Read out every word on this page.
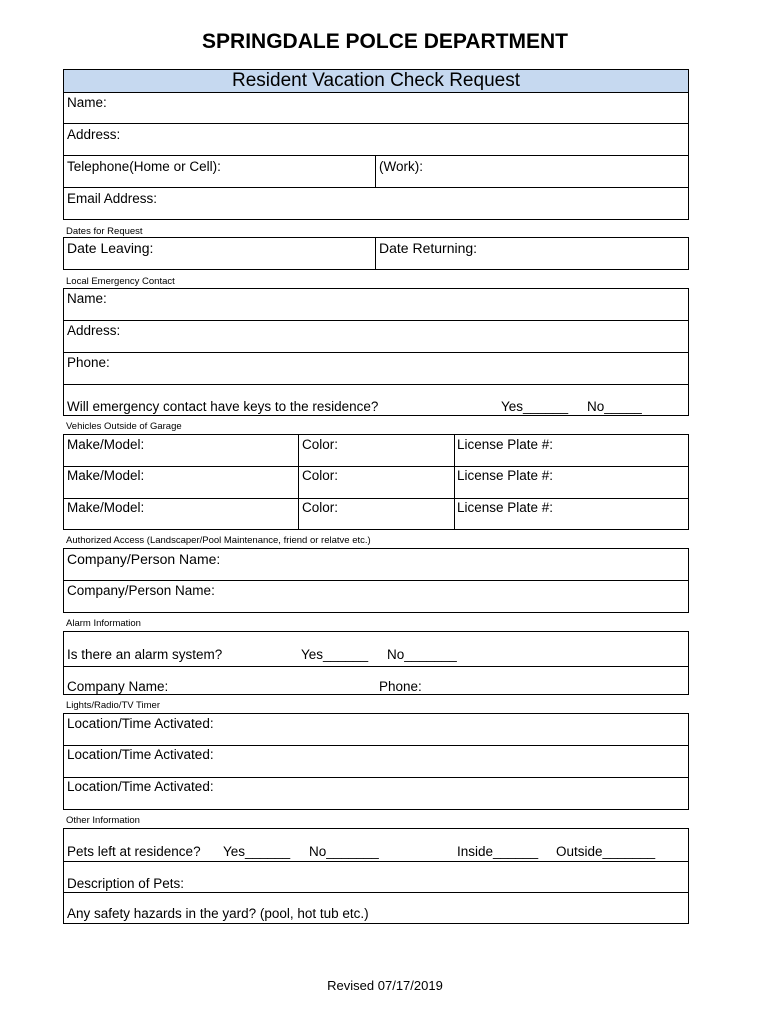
SPRINGDALE POLCE DEPARTMENT
Resident Vacation Check Request
Name:
Address:
Telephone(Home or Cell):	(Work):
Email Address:
Dates for Request
Date Leaving:	Date Returning:
Local Emergency Contact
Name:
Address:
Phone:
Will emergency contact have keys to the residence?	Yes______ No_____
Vehicles Outside of Garage
Make/Model:	Color:	License Plate #:
Make/Model:	Color:	License Plate #:
Make/Model:	Color:	License Plate #:
Authorized Access (Landscaper/Pool Maintenance, friend or relatve etc.)
Company/Person Name:
Company/Person Name:
Alarm Information
Is there an alarm system?	Yes______ No_______
Company Name:	Phone:
Lights/Radio/TV Timer
Location/Time Activated:
Location/Time Activated:
Location/Time Activated:
Other Information
Pets left at residence? Yes______ No_______	Inside______ Outside_______
Description of Pets:
Any safety hazards in the yard? (pool, hot tub etc.)
Revised 07/17/2019
